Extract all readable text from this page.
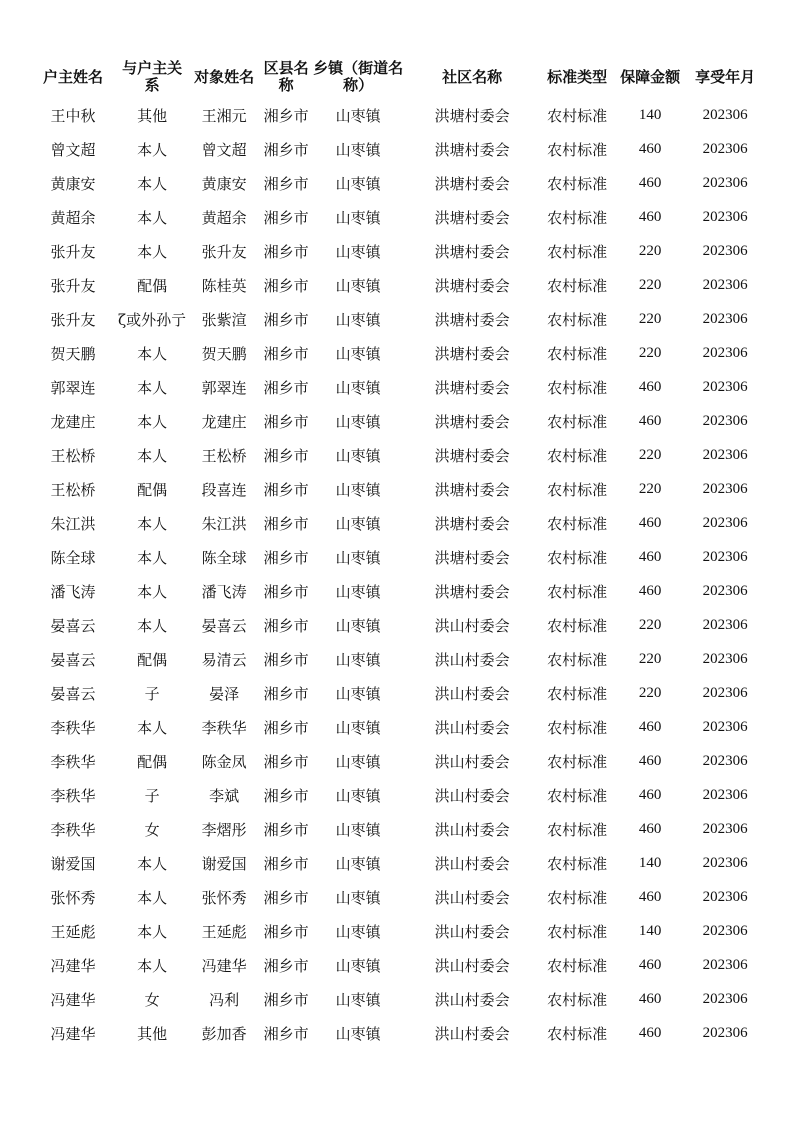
户主姓名	与户主关系	对象姓名	区县名称	乡镇（街道名称）	社区名称	标准类型	保障金额	享受年月
王中秋	其他	王湘元	湘乡市	山枣镇	洪塘村委会	农村标准	140	202306
曾文超	本人	曾文超	湘乡市	山枣镇	洪塘村委会	农村标准	460	202306
黄康安	本人	黄康安	湘乡市	山枣镇	洪塘村委会	农村标准	460	202306
黄超余	本人	黄超余	湘乡市	山枣镇	洪塘村委会	农村标准	460	202306
张升友	本人	张升友	湘乡市	山枣镇	洪塘村委会	农村标准	220	202306
张升友	配偶	陈桂英	湘乡市	山枣镇	洪塘村委会	农村标准	220	202306
张升友	ζ或外孙亍	张紫渲	湘乡市	山枣镇	洪塘村委会	农村标准	220	202306
贺天鹏	本人	贺天鹏	湘乡市	山枣镇	洪塘村委会	农村标准	220	202306
郭翠连	本人	郭翠连	湘乡市	山枣镇	洪塘村委会	农村标准	460	202306
龙建庄	本人	龙建庄	湘乡市	山枣镇	洪塘村委会	农村标准	460	202306
王松桥	本人	王松桥	湘乡市	山枣镇	洪塘村委会	农村标准	220	202306
王松桥	配偶	段喜连	湘乡市	山枣镇	洪塘村委会	农村标准	220	202306
朱江洪	本人	朱江洪	湘乡市	山枣镇	洪塘村委会	农村标准	460	202306
陈全球	本人	陈全球	湘乡市	山枣镇	洪塘村委会	农村标准	460	202306
潘飞涛	本人	潘飞涛	湘乡市	山枣镇	洪塘村委会	农村标准	460	202306
晏喜云	本人	晏喜云	湘乡市	山枣镇	洪山村委会	农村标准	220	202306
晏喜云	配偶	易清云	湘乡市	山枣镇	洪山村委会	农村标准	220	202306
晏喜云	子	晏泽	湘乡市	山枣镇	洪山村委会	农村标准	220	202306
李秩华	本人	李秩华	湘乡市	山枣镇	洪山村委会	农村标准	460	202306
李秩华	配偶	陈金凤	湘乡市	山枣镇	洪山村委会	农村标准	460	202306
李秩华	子	李斌	湘乡市	山枣镇	洪山村委会	农村标准	460	202306
李秩华	女	李熠彤	湘乡市	山枣镇	洪山村委会	农村标准	460	202306
谢爱国	本人	谢爱国	湘乡市	山枣镇	洪山村委会	农村标准	140	202306
张怀秀	本人	张怀秀	湘乡市	山枣镇	洪山村委会	农村标准	460	202306
王延彪	本人	王延彪	湘乡市	山枣镇	洪山村委会	农村标准	140	202306
冯建华	本人	冯建华	湘乡市	山枣镇	洪山村委会	农村标准	460	202306
冯建华	女	冯利	湘乡市	山枣镇	洪山村委会	农村标准	460	202306
冯建华	其他	彭加香	湘乡市	山枣镇	洪山村委会	农村标准	460	202306
